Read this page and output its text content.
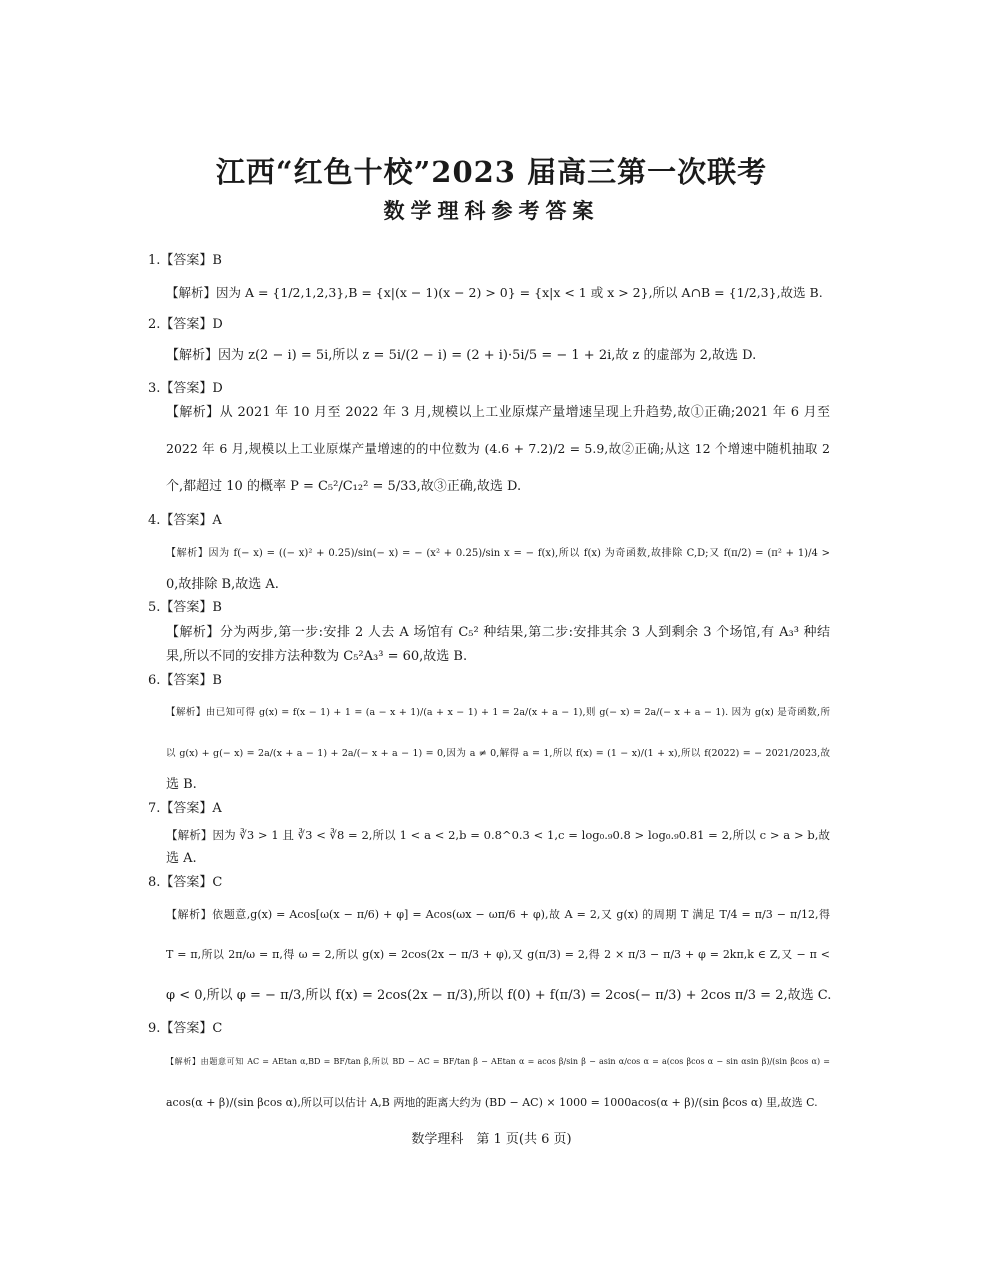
江西“红色十校”2023 届高三第一次联考
数学理科参考答案
1.【答案】B
【解析】因为 A = {1/2,1,2,3},B = {x|(x − 1)(x − 2) > 0} = {x|x < 1 或 x > 2},所以 A∩B = {1/2,3},故选 B.
2.【答案】D
【解析】因为 z(2 − i) = 5i,所以 z = 5i/(2 − i) = (2 + i)·5i/5 = − 1 + 2i,故 z 的虚部为 2,故选 D.
3.【答案】D
【解析】从 2021 年 10 月至 2022 年 3 月,规模以上工业原煤产量增速呈现上升趋势,故①正确;2021 年 6 月至
2022 年 6 月,规模以上工业原煤产量增速的的中位数为 (4.6 + 7.2)/2 = 5.9,故②正确;从这 12 个增速中随机抽取 2
个,都超过 10 的概率 P = C₅²/C₁₂² = 5/33,故③正确,故选 D.
4.【答案】A
【解析】因为 f(− x) = ((− x)² + 0.25)/sin(− x) = − (x² + 0.25)/sin x = − f(x),所以 f(x) 为奇函数,故排除 C,D;又 f(π/2) = (π² + 1)/4 >
0,故排除 B,故选 A.
5.【答案】B
【解析】分为两步,第一步:安排 2 人去 A 场馆有 C₅² 种结果,第二步:安排其余 3 人到剩余 3 个场馆,有 A₃³ 种结
果,所以不同的安排方法种数为 C₅²A₃³ = 60,故选 B.
6.【答案】B
【解析】由已知可得 g(x) = f(x − 1) + 1 = (a − x + 1)/(a + x − 1) + 1 = 2a/(x + a − 1),则 g(− x) = 2a/(− x + a − 1). 因为 g(x) 是奇函数,所
以 g(x) + g(− x) = 2a/(x + a − 1) + 2a/(− x + a − 1) = 0,因为 a ≠ 0,解得 a = 1,所以 f(x) = (1 − x)/(1 + x),所以 f(2022) = − 2021/2023,故
选 B.
7.【答案】A
【解析】因为 ∛3 > 1 且 ∛3 < ∛8 = 2,所以 1 < a < 2,b = 0.8^0.3 < 1,c = log₀.₉0.8 > log₀.₉0.81 = 2,所以 c > a > b,故
选 A.
8.【答案】C
【解析】依题意,g(x) = Acos[ω(x − π/6) + φ] = Acos(ωx − ωπ/6 + φ),故 A = 2,又 g(x) 的周期 T 满足 T/4 = π/3 − π/12,得
T = π,所以 2π/ω = π,得 ω = 2,所以 g(x) = 2cos(2x − π/3 + φ),又 g(π/3) = 2,得 2 × π/3 − π/3 + φ = 2kπ,k ∈ Z,又 − π <
φ < 0,所以 φ = − π/3,所以 f(x) = 2cos(2x − π/3),所以 f(0) + f(π/3) = 2cos(− π/3) + 2cos π/3 = 2,故选 C.
9.【答案】C
【解析】由题意可知 AC = AEtan α,BD = BF/tan β,所以 BD − AC = BF/tan β − AEtan α = acos β/sin β − asin α/cos α = a(cos βcos α − sin αsin β)/(sin βcos α) =
acos(α + β)/(sin βcos α),所以可以估计 A,B 两地的距离大约为 (BD − AC) × 1000 = 1000acos(α + β)/(sin βcos α) 里,故选 C.
数学理科　第 1 页(共 6 页)
